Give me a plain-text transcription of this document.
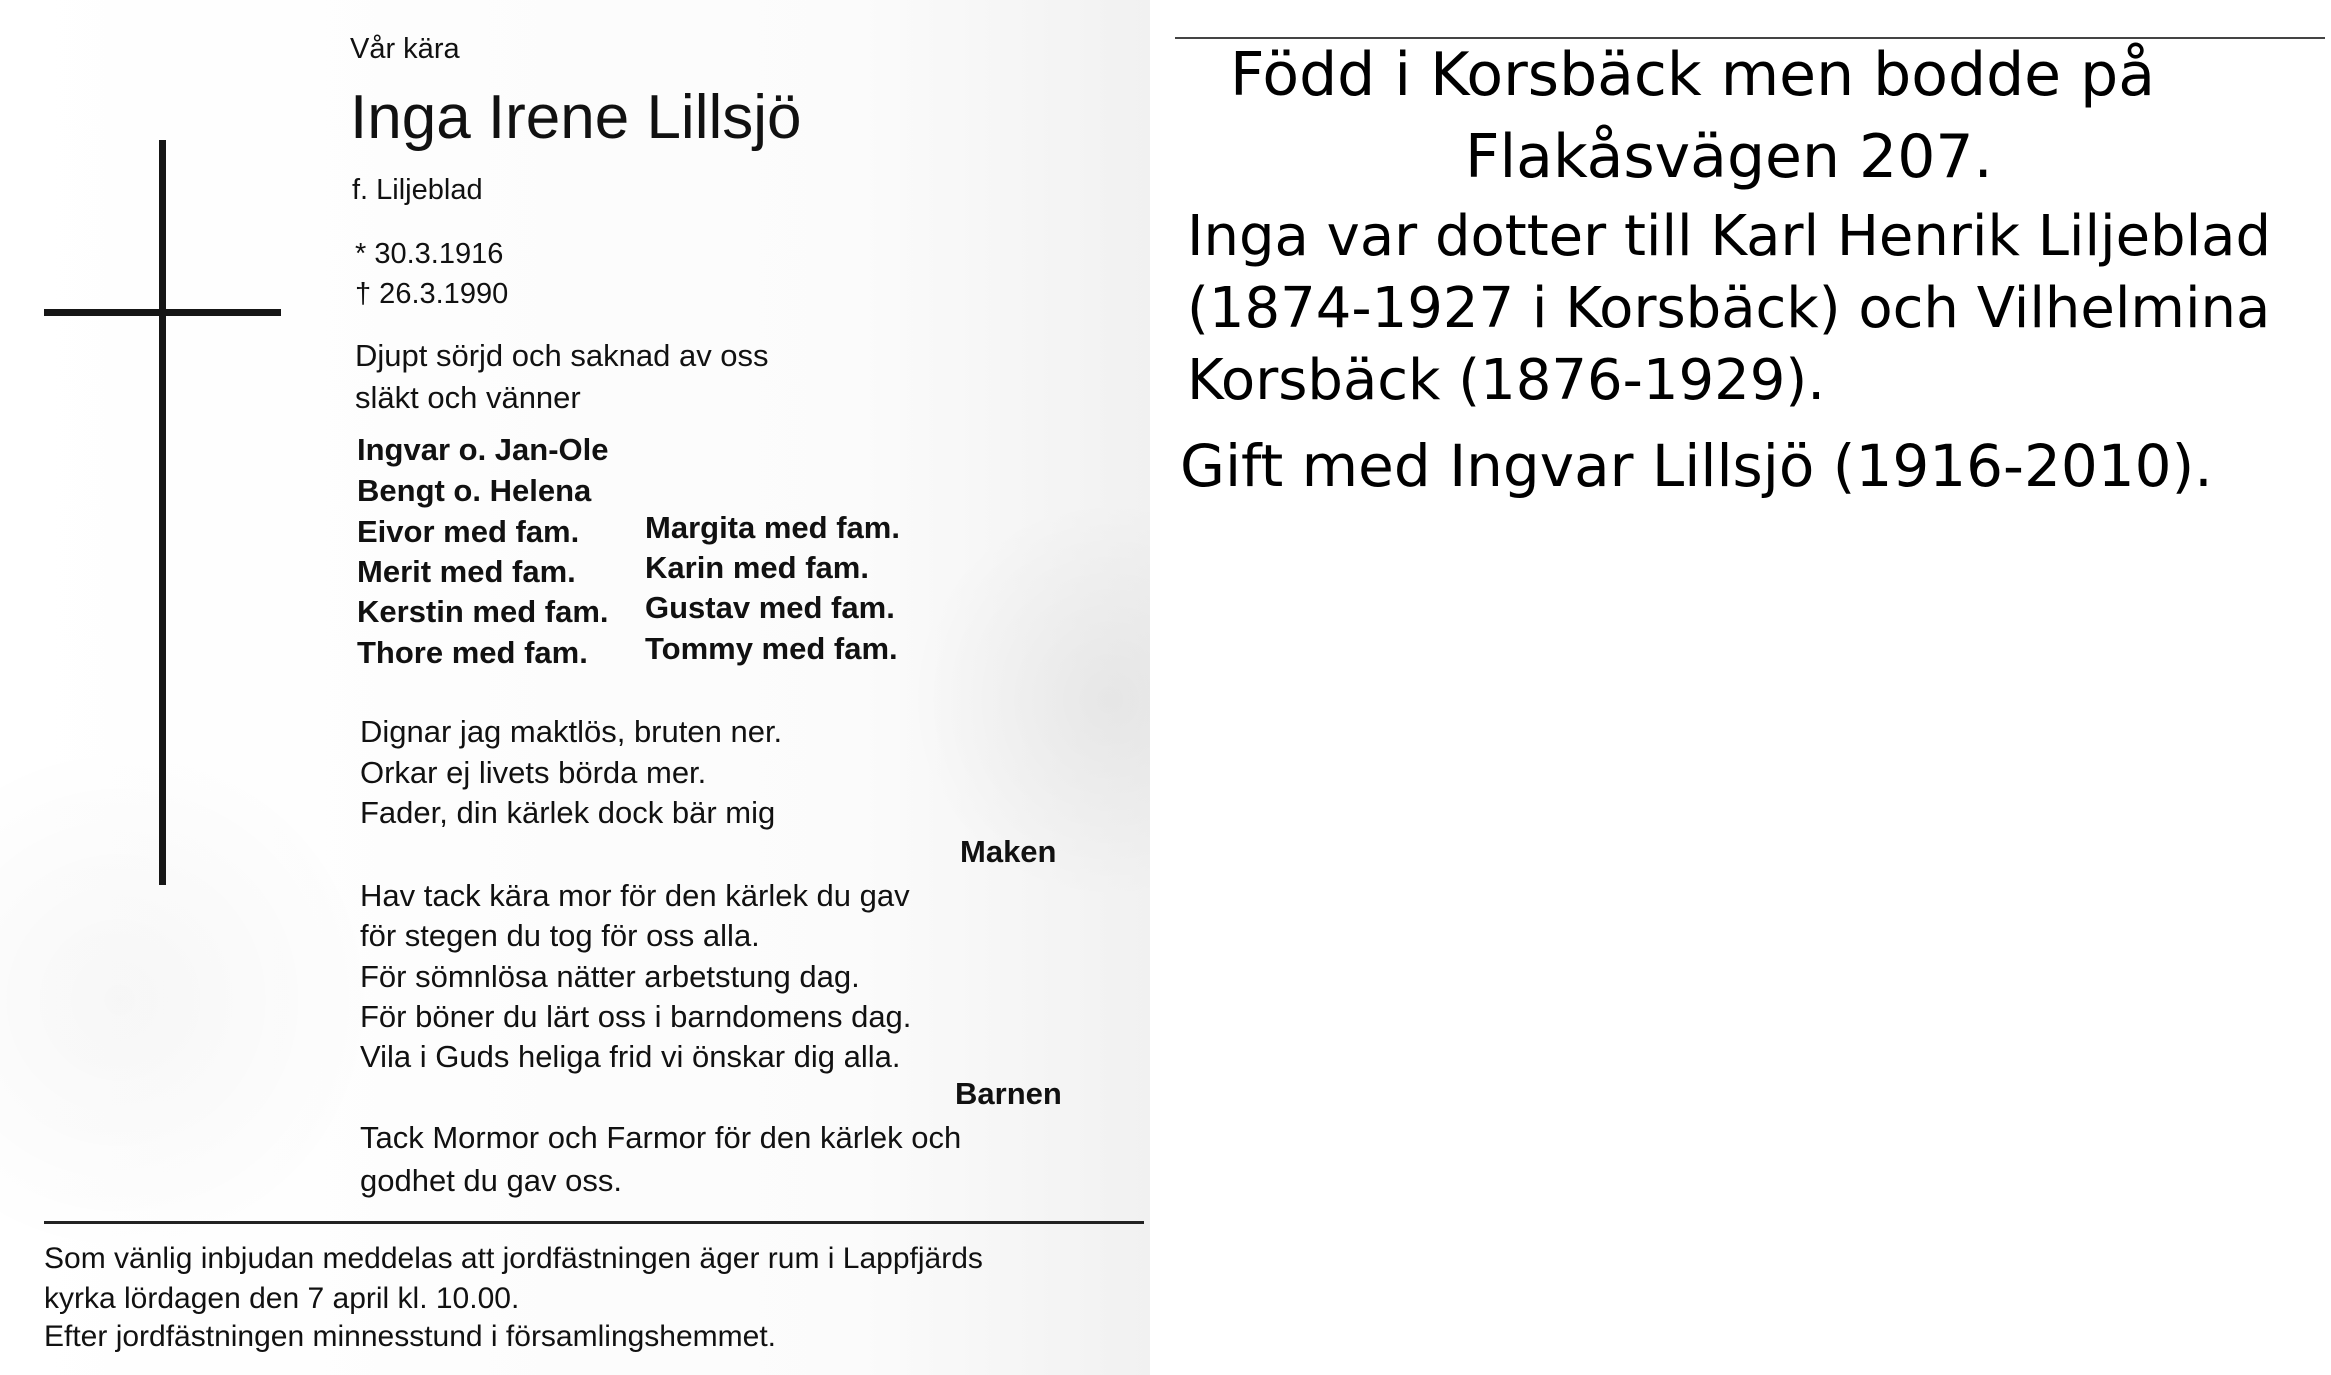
Vår kära
Inga Irene Lillsjö
f. Liljeblad
* 30.3.1916
† 26.3.1990
Djupt sörjd och saknad av oss
släkt och vänner
Ingvar o. Jan-Ole
Bengt o. Helena
Eivor med fam. Margita med fam.
Merit med fam. Karin med fam.
Kerstin med fam. Gustav med fam.
Thore med fam. Tommy med fam.
Dignar jag maktlös, bruten ner.
Orkar ej livets börda mer.
Fader, din kärlek dock bär mig
Maken
Hav tack kära mor för den kärlek du gav
för stegen du tog för oss alla.
För sömnlösa nätter arbetstung dag.
För böner du lärt oss i barndomens dag.
Vila i Guds heliga frid vi önskar dig alla.
Barnen
Tack Mormor och Farmor för den kärlek och
godhet du gav oss.
Som vänlig inbjudan meddelas att jordfästningen äger rum i Lappfjärds
kyrka lördagen den 7 april kl. 10.00.
Efter jordfästningen minnesstund i församlingshemmet.
Född i Korsbäck men bodde på
Flakåsvägen 207.
Inga var dotter till Karl Henrik Liljeblad
(1874-1927 i Korsbäck) och Vilhelmina
Korsbäck (1876-1929).
Gift med Ingvar Lillsjö (1916-2010).
